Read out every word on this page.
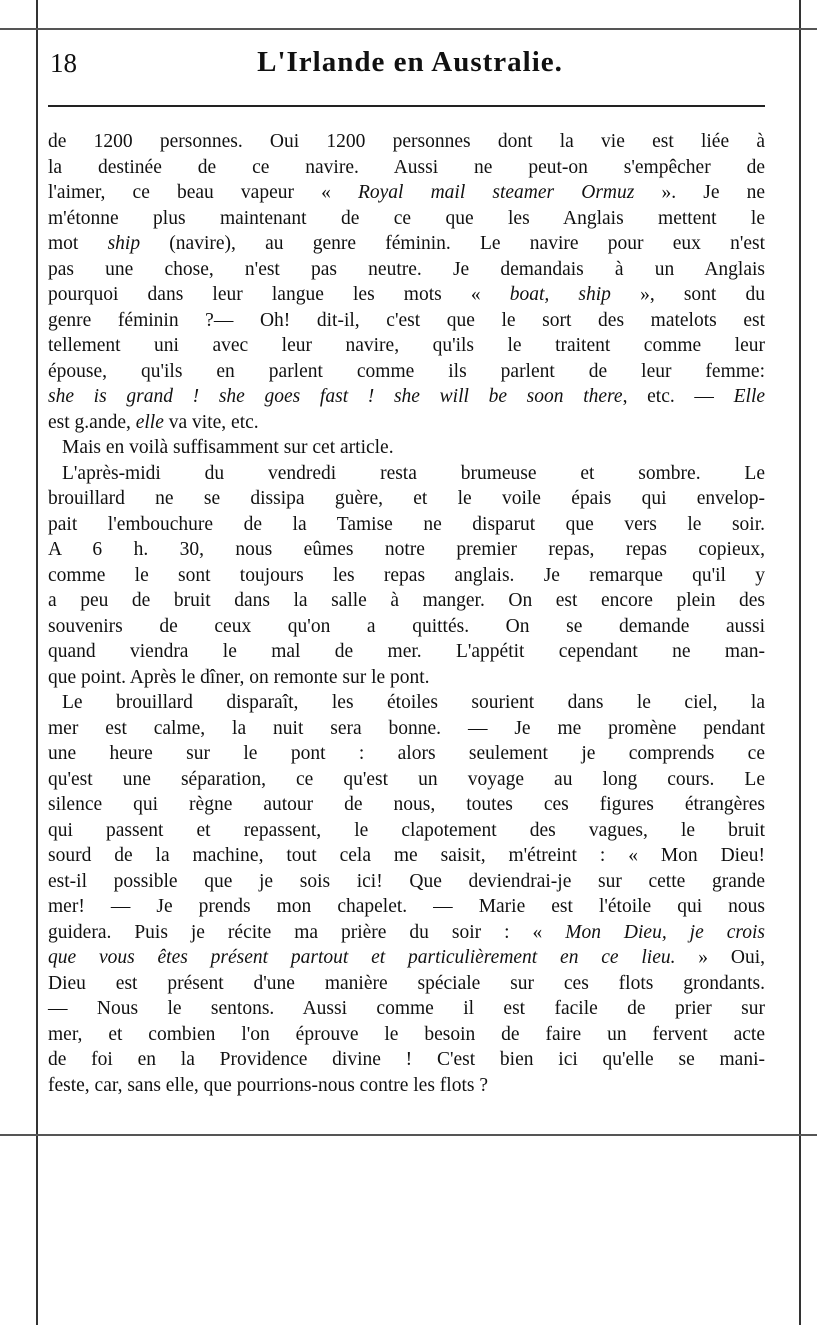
18	L'Irlande en Australie.
de 1200 personnes. Oui 1200 personnes dont la vie est liée à
la destinée de ce navire. Aussi ne peut-on s'empêcher de
l'aimer, ce beau vapeur « Royal mail steamer Ormuz ». Je ne
m'étonne plus maintenant de ce que les Anglais mettent le
mot ship (navire), au genre féminin. Le navire pour eux n'est
pas une chose, n'est pas neutre. Je demandais à un Anglais
pourquoi dans leur langue les mots « boat, ship », sont du
genre féminin ?— Oh! dit-il, c'est que le sort des matelots est
tellement uni avec leur navire, qu'ils le traitent comme leur
épouse, qu'ils en parlent comme ils parlent de leur femme:
she is grand ! she goes fast ! she will be soon there, etc. — Elle
est g.ande, elle va vite, etc.
Mais en voilà suffisamment sur cet article.
L'après-midi du vendredi resta brumeuse et sombre. Le
brouillard ne se dissipa guère, et le voile épais qui envelop-
pait l'embouchure de la Tamise ne disparut que vers le soir.
A 6 h. 30, nous eûmes notre premier repas, repas copieux,
comme le sont toujours les repas anglais. Je remarque qu'il y
a peu de bruit dans la salle à manger. On est encore plein des
souvenirs de ceux qu'on a quittés. On se demande aussi
quand viendra le mal de mer. L'appétit cependant ne man-
que point. Après le dîner, on remonte sur le pont.
Le brouillard disparaît, les étoiles sourient dans le ciel, la
mer est calme, la nuit sera bonne. — Je me promène pendant
une heure sur le pont : alors seulement je comprends ce
qu'est une séparation, ce qu'est un voyage au long cours. Le
silence qui règne autour de nous, toutes ces figures étrangères
qui passent et repassent, le clapotement des vagues, le bruit
sourd de la machine, tout cela me saisit, m'étreint : « Mon Dieu!
est-il possible que je sois ici! Que deviendrai-je sur cette grande
mer! — Je prends mon chapelet. — Marie est l'étoile qui nous
guidera. Puis je récite ma prière du soir : « Mon Dieu, je crois
que vous êtes présent partout et particulièrement en ce lieu. » Oui,
Dieu est présent d'une manière spéciale sur ces flots grondants.
— Nous le sentons. Aussi comme il est facile de prier sur
mer, et combien l'on éprouve le besoin de faire un fervent acte
de foi en la Providence divine ! C'est bien ici qu'elle se mani-
feste, car, sans elle, que pourrions-nous contre les flots ?
